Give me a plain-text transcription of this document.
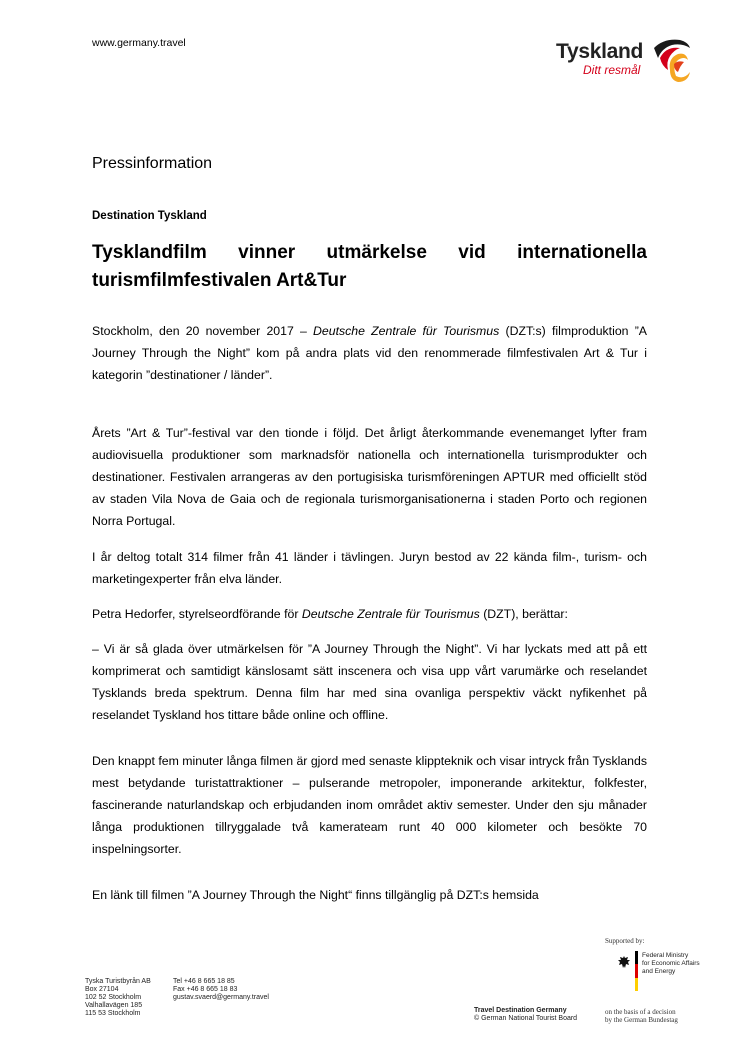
www.germany.travel	Tyskland
Ditt resmål
Pressinformation
Destination Tyskland
Tysklandfilm vinner utmärkelse vid internationella turismfilmfestivalen Art&Tur

Stockholm, den 20 november 2017 – Deutsche Zentrale für Tourismus (DZT:s) filmproduktion ”A Journey Through the Night” kom på andra plats vid den renommerade filmfestivalen Art & Tur i kategorin ”destinationer / länder”.

Årets ”Art & Tur”-festival var den tionde i följd. Det årligt återkommande evenemanget lyfter fram audiovisuella produktioner som marknadsför nationella och internationella turismprodukter och destinationer. Festivalen arrangeras av den portugisiska turismföreningen APTUR med officiellt stöd av staden Vila Nova de Gaia och de regionala turismorganisationerna i staden Porto och regionen Norra Portugal.

I år deltog totalt 314 filmer från 41 länder i tävlingen. Juryn bestod av 22 kända film-, turism- och marketingexperter från elva länder.

Petra Hedorfer, styrelseordförande för Deutsche Zentrale für Tourismus (DZT), berättar:

– Vi är så glada över utmärkelsen för ”A Journey Through the Night”. Vi har lyckats med att på ett komprimerat och samtidigt känslosamt sätt inscenera och visa upp vårt varumärke och reselandet Tysklands breda spektrum. Denna film har med sina ovanliga perspektiv väckt nyfikenhet på reselandet Tyskland hos tittare både online och offline.

Den knappt fem minuter långa filmen är gjord med senaste klippteknik och visar intryck från Tysklands mest betydande turistattraktioner – pulserande metropoler, imponerande arkitektur, folkfester, fascinerande naturlandskap och erbjudanden inom området aktiv semester. Under den sju månader långa produktionen tillryggalade två kamerateam runt 40 000 kilometer och besökte 70 inspelningsorter.

En länk till filmen ”A Journey Through the Night“ finns tillgänglig på DZT:s hemsida

Tyska Turistbyrån AB
Box 27104
102 52 Stockholm
Valhallavägen 185
115 53 Stockholm
Tel +46 8 665 18 85
Fax +46 8 665 18 83
gustav.svaerd@germany.travel
Travel Destination Germany
© German National Tourist Board
Supported by:
Federal Ministry
for Economic Affairs
and Energy
on the basis of a decision
by the German Bundestag
